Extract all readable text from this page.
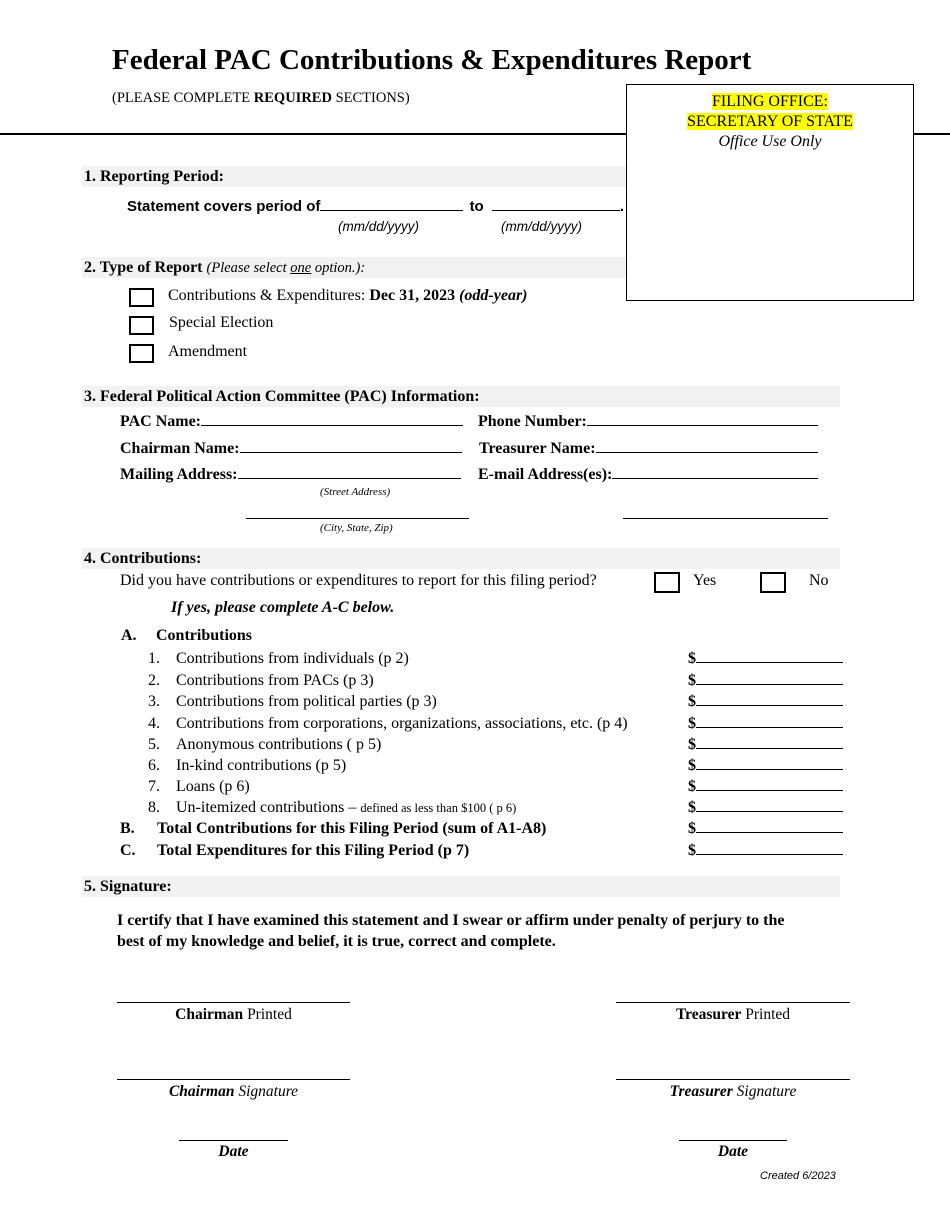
Federal PAC Contributions & Expenditures Report
(PLEASE COMPLETE REQUIRED SECTIONS)	FILING OFFICE:
SECRETARY OF STATE
Office Use Only
1. Reporting Period:
Statement covers period of	to	.
(mm/dd/yyyy)	(mm/dd/yyyy)
2. Type of Report (Please select one option.):
Contributions & Expenditures: Dec 31, 2023 (odd-year)
Special Election
Amendment
3. Federal Political Action Committee (PAC) Information:
PAC Name:	Phone Number:
Chairman Name:	Treasurer Name:
Mailing Address:	E-mail Address(es):
(Street Address)
(City, State, Zip)
4. Contributions:
Did you have contributions or expenditures to report for this filing period?	Yes	No
If yes, please complete A-C below.
A. Contributions
1. Contributions from individuals (p 2)	$
2. Contributions from PACs (p 3)	$
3. Contributions from political parties (p 3)	$
4. Contributions from corporations, organizations, associations, etc. (p 4)	$
5. Anonymous contributions ( p 5)	$
6. In-kind contributions (p 5)	$
7. Loans (p 6)	$
8. Un-itemized contributions – defined as less than $100 ( p 6)	$
B. Total Contributions for this Filing Period (sum of A1-A8)	$
C. Total Expenditures for this Filing Period (p 7)	$
5. Signature:
I certify that I have examined this statement and I swear or affirm under penalty of perjury to the
best of my knowledge and belief, it is true, correct and complete.
Chairman Printed	Treasurer Printed
Chairman Signature	Treasurer Signature
Date	Date
Created 6/2023
